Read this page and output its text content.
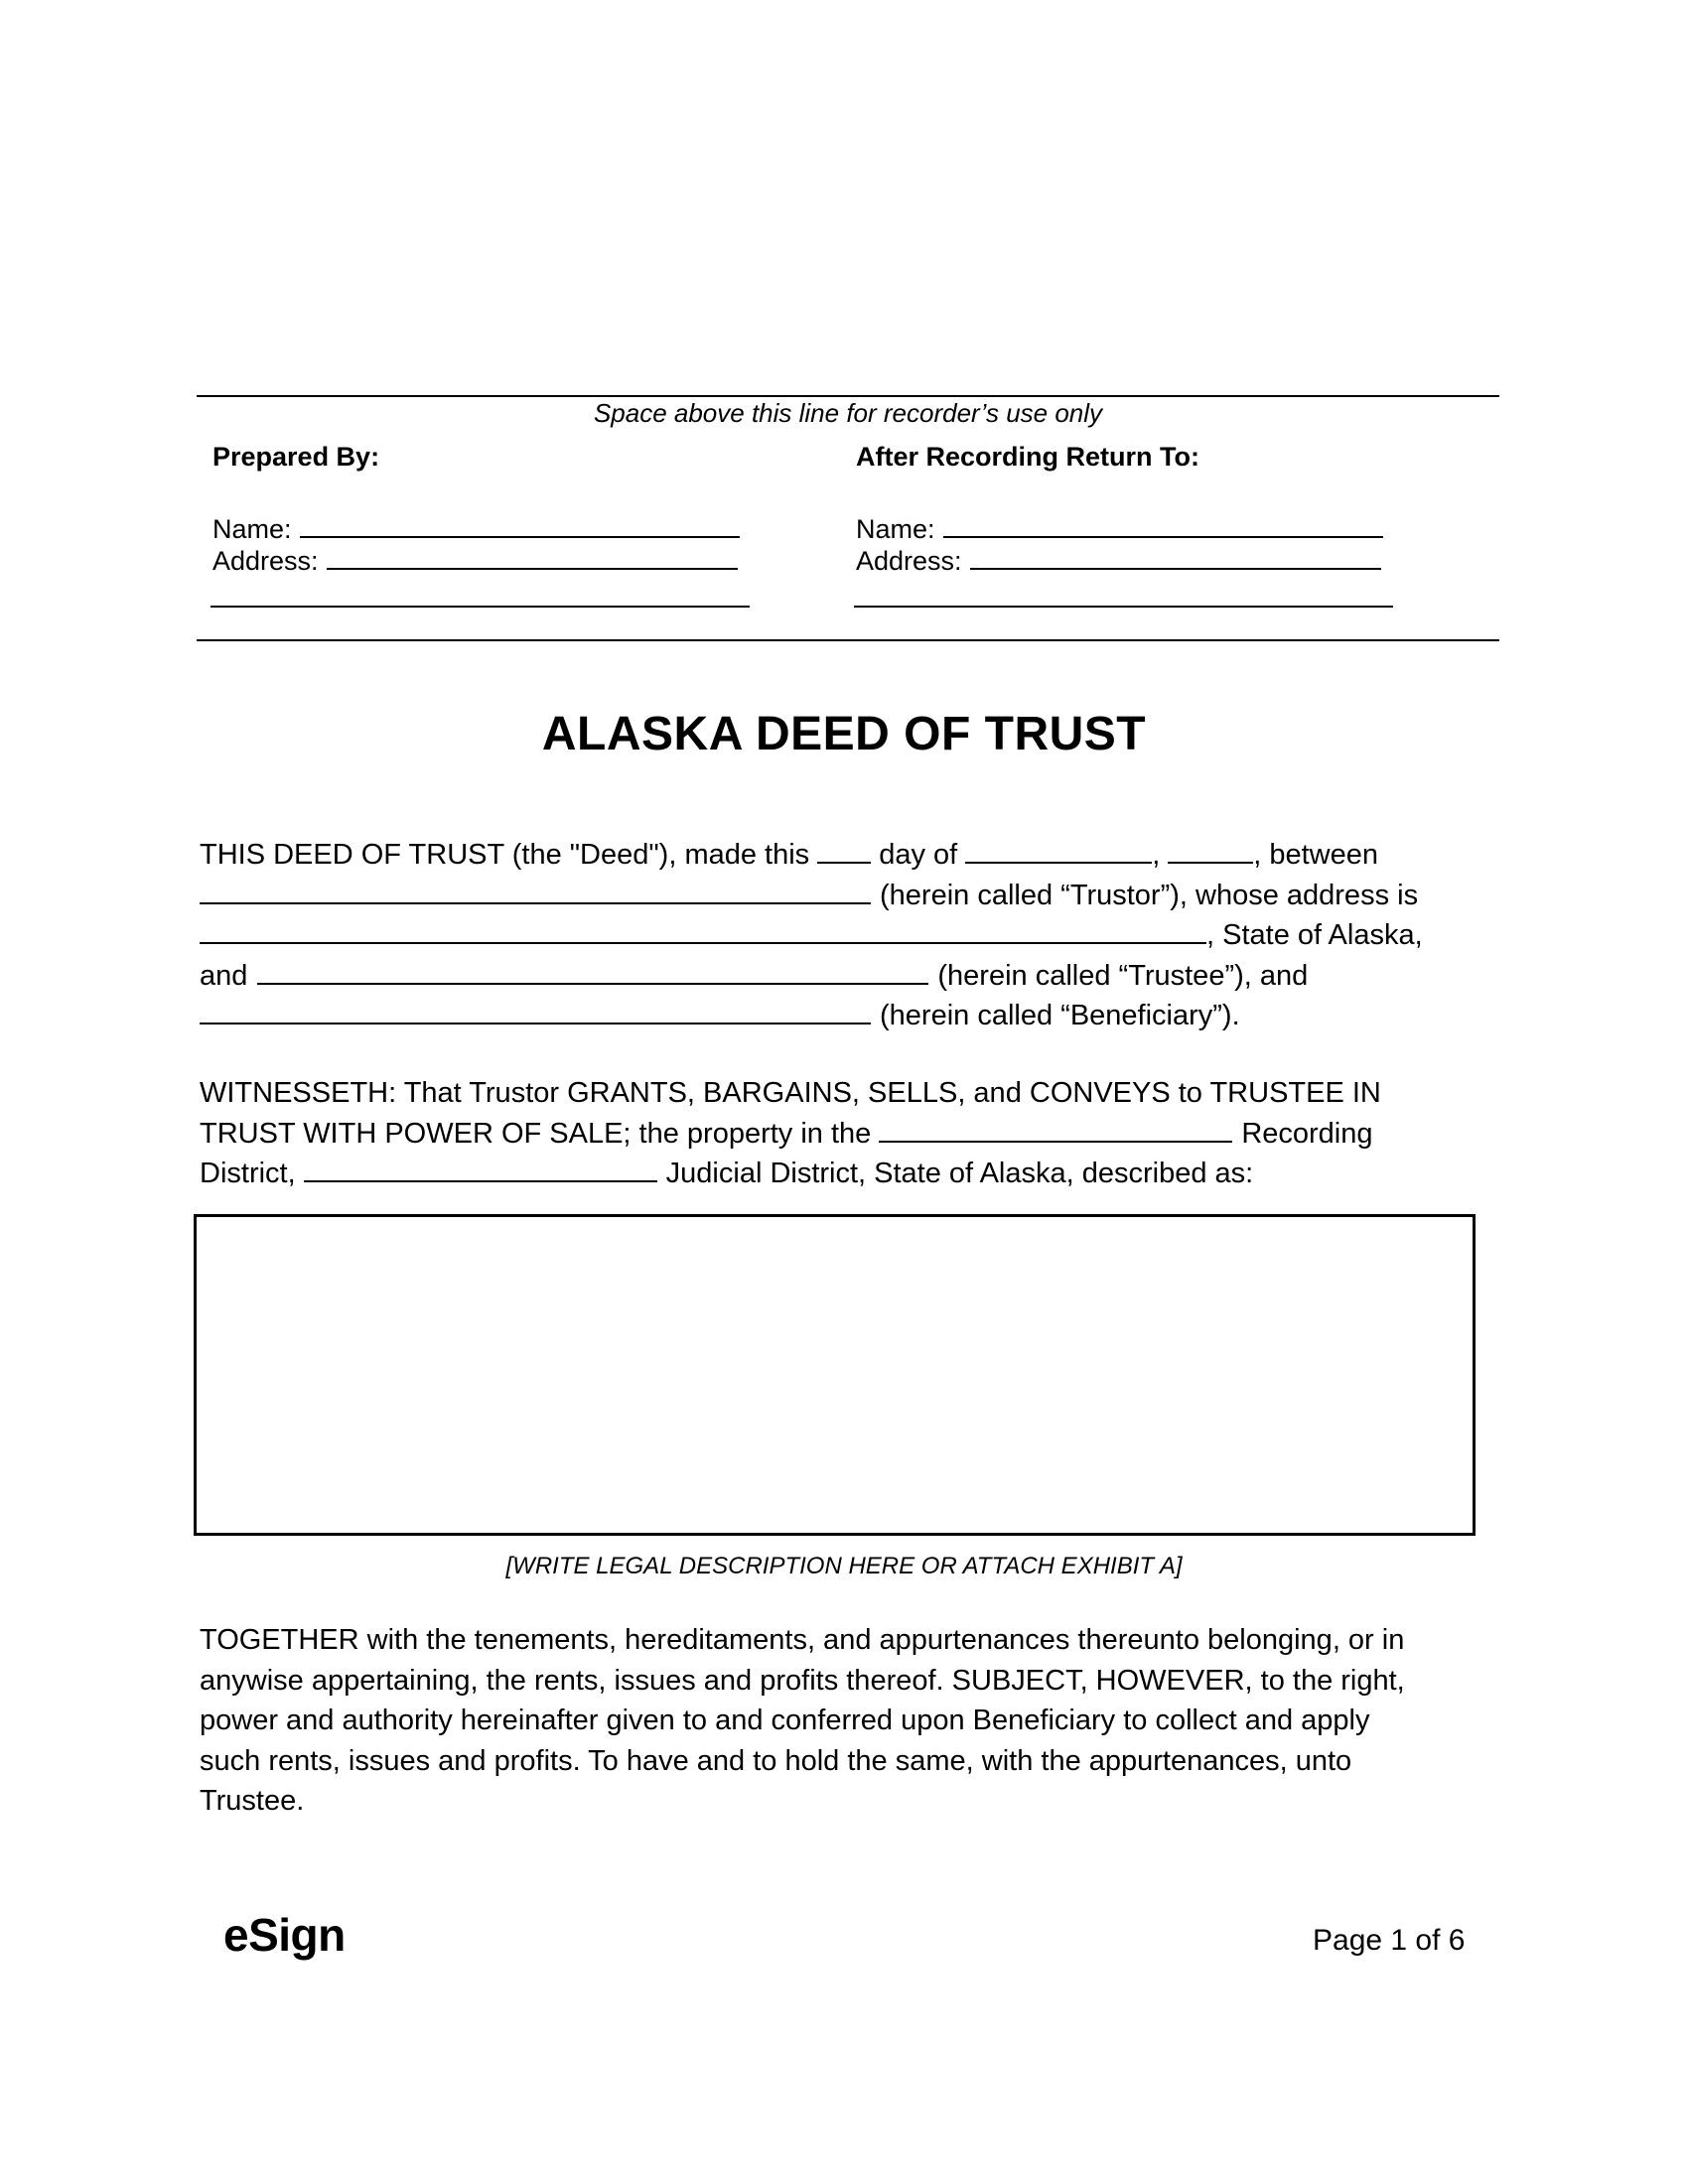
Space above this line for recorder’s use only
Prepared By:
Name:
Address:
After Recording Return To:
Name:
Address:
ALASKA DEED OF TRUST
THIS DEED OF TRUST (the "Deed"), made this day of	,	, between
(herein called “Trustor”), whose address is
, State of Alaska,
and	(herein called “Trustee”), and
(herein called “Beneficiary”).
WITNESSETH: That Trustor GRANTS, BARGAINS, SELLS, and CONVEYS to TRUSTEE IN
TRUST WITH POWER OF SALE; the property in the	Recording
District,	Judicial District, State of Alaska, described as:
[WRITE LEGAL DESCRIPTION HERE OR ATTACH EXHIBIT A]
TOGETHER with the tenements, hereditaments, and appurtenances thereunto belonging, or in
anywise appertaining, the rents, issues and profits thereof. SUBJECT, HOWEVER, to the right,
power and authority hereinafter given to and conferred upon Beneficiary to collect and apply
such rents, issues and profits. To have and to hold the same, with the appurtenances, unto
Trustee.
eSign	Page 1 of 6
